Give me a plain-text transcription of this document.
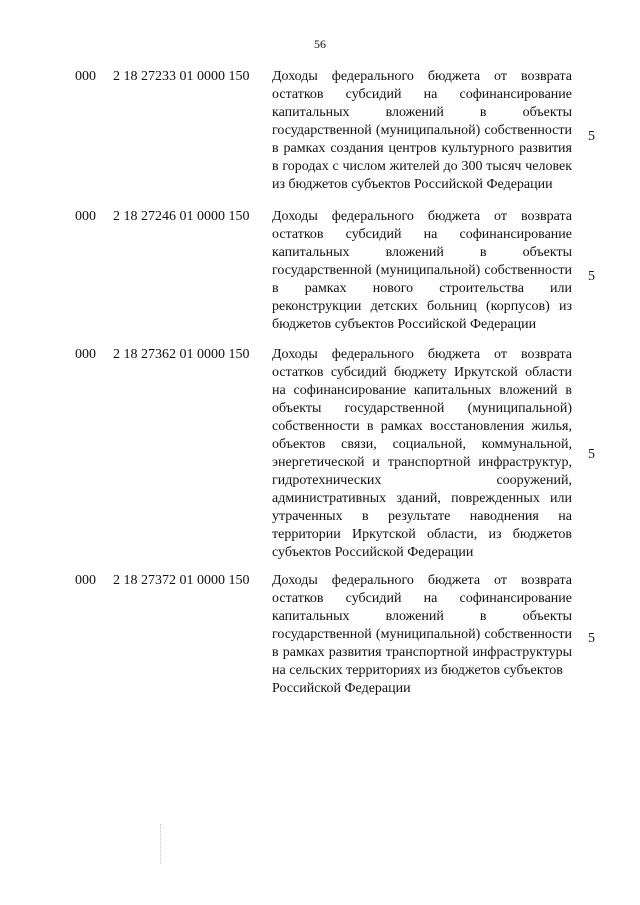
56
000 2 18 27233 01 0000 150 Доходы федерального бюджета от возврата остатков субсидий на софинансирование капитальных вложений в объекты государственной (муниципальной) собственности в рамках создания центров культурного развития в городах с числом жителей до 300 тысяч человек из бюджетов субъектов Российской Федерации
5
000 2 18 27246 01 0000 150 Доходы федерального бюджета от возврата остатков субсидий на софинансирование капитальных вложений в объекты государственной (муниципальной) собственности в рамках нового строительства или реконструкции детских больниц (корпусов) из бюджетов субъектов Российской Федерации
5
000 2 18 27362 01 0000 150 Доходы федерального бюджета от возврата остатков субсидий бюджету Иркутской области на софинансирование капитальных вложений в объекты государственной (муниципальной) собственности в рамках восстановления жилья, объектов связи, социальной, коммунальной, энергетической и транспортной инфраструктур, гидротехнических сооружений, административных зданий, поврежденных или утраченных в результате наводнения на территории Иркутской области, из бюджетов субъектов Российской Федерации
5
000 2 18 27372 01 0000 150 Доходы федерального бюджета от возврата остатков субсидий на софинансирование капитальных вложений в объекты государственной (муниципальной) собственности в рамках развития транспортной инфраструктуры на сельских территориях из бюджетов субъектов
Российской Федерации
5
